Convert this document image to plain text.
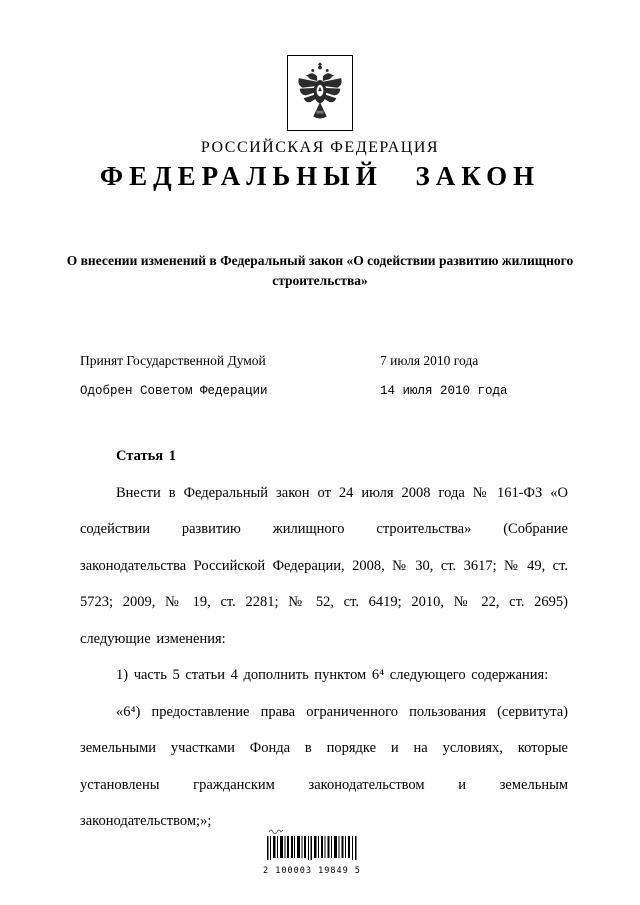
РОССИЙСКАЯ ФЕДЕРАЦИЯ
ФЕДЕРАЛЬНЫЙ ЗАКОН
О внесении изменений в Федеральный закон «О содействии развитию жилищного строительства»
Принят Государственной Думой	7 июля 2010 года
Одобрен Советом Федерации	14 июля 2010 года

Статья 1

Внести в Федеральный закон от 24 июля 2008 года № 161-ФЗ «О содействии развитию жилищного строительства» (Собрание законодательства Российской Федерации, 2008, № 30, ст. 3617; № 49, ст. 5723; 2009, № 19, ст. 2281; № 52, ст. 6419; 2010, № 22, ст. 2695) следующие изменения:

1) часть 5 статьи 4 дополнить пунктом 6⁴ следующего содержания:

«6⁴) предоставление права ограниченного пользования (сервитута) земельными участками Фонда в порядке и на условиях, которые установлены гражданским законодательством и земельным законодательством;»;

2 100003 19849 5
